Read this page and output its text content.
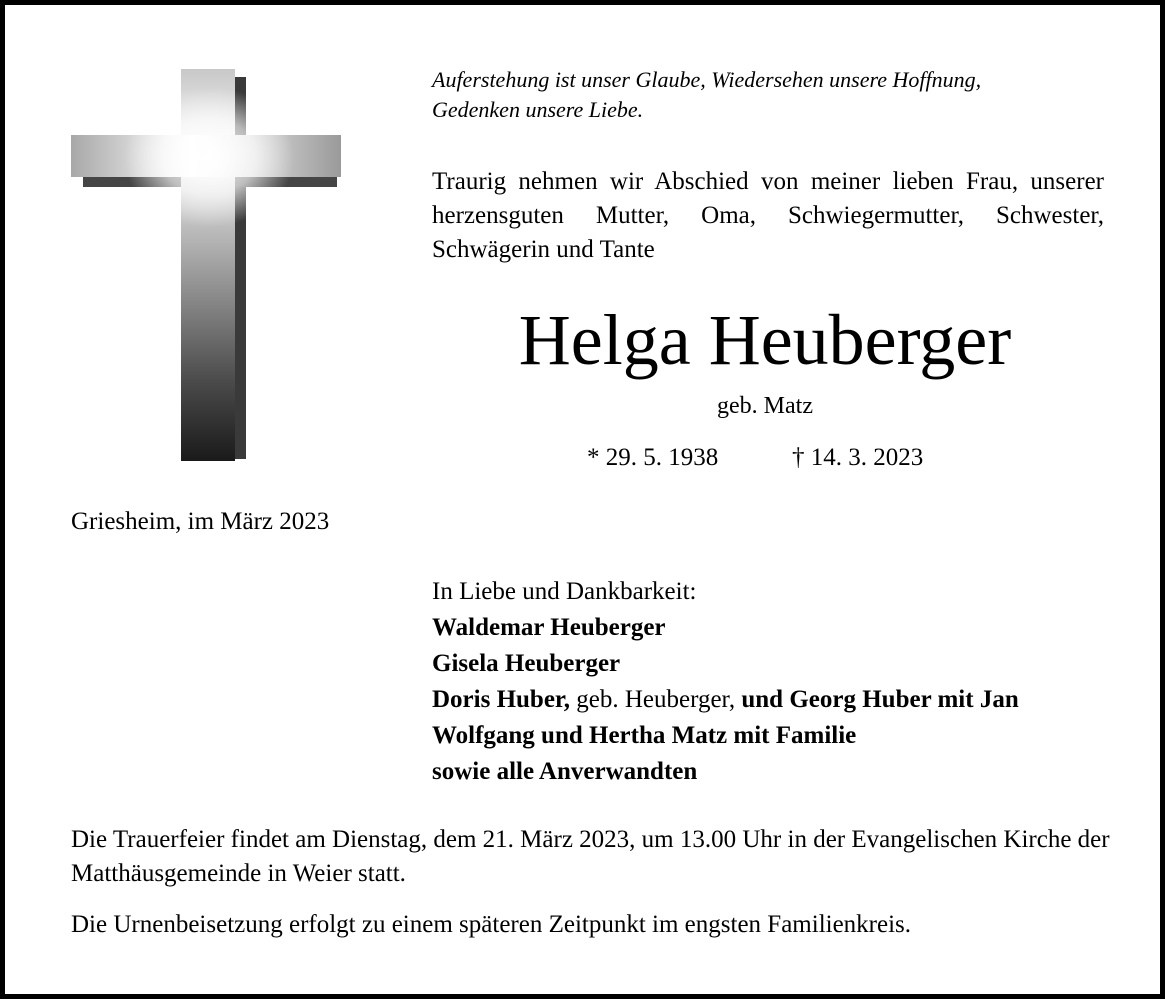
Auferstehung ist unser Glaube, Wiedersehen unsere Hoffnung,
Gedenken unsere Liebe.
Traurig nehmen wir Abschied von meiner lieben Frau, unserer herzensguten Mutter, Oma, Schwiegermutter, Schwester, Schwägerin und Tante
Helga Heuberger
geb. Matz
* 29. 5. 1938	† 14. 3. 2023
Griesheim, im März 2023
In Liebe und Dankbarkeit:
Waldemar Heuberger
Gisela Heuberger
Doris Huber, geb. Heuberger, und Georg Huber mit Jan
Wolfgang und Hertha Matz mit Familie
sowie alle Anverwandten
Die Trauerfeier findet am Dienstag, dem 21. März 2023, um 13.00 Uhr in der Evangelischen Kirche der Matthäusgemeinde in Weier statt.
Die Urnenbeisetzung erfolgt zu einem späteren Zeitpunkt im engsten Familienkreis.
